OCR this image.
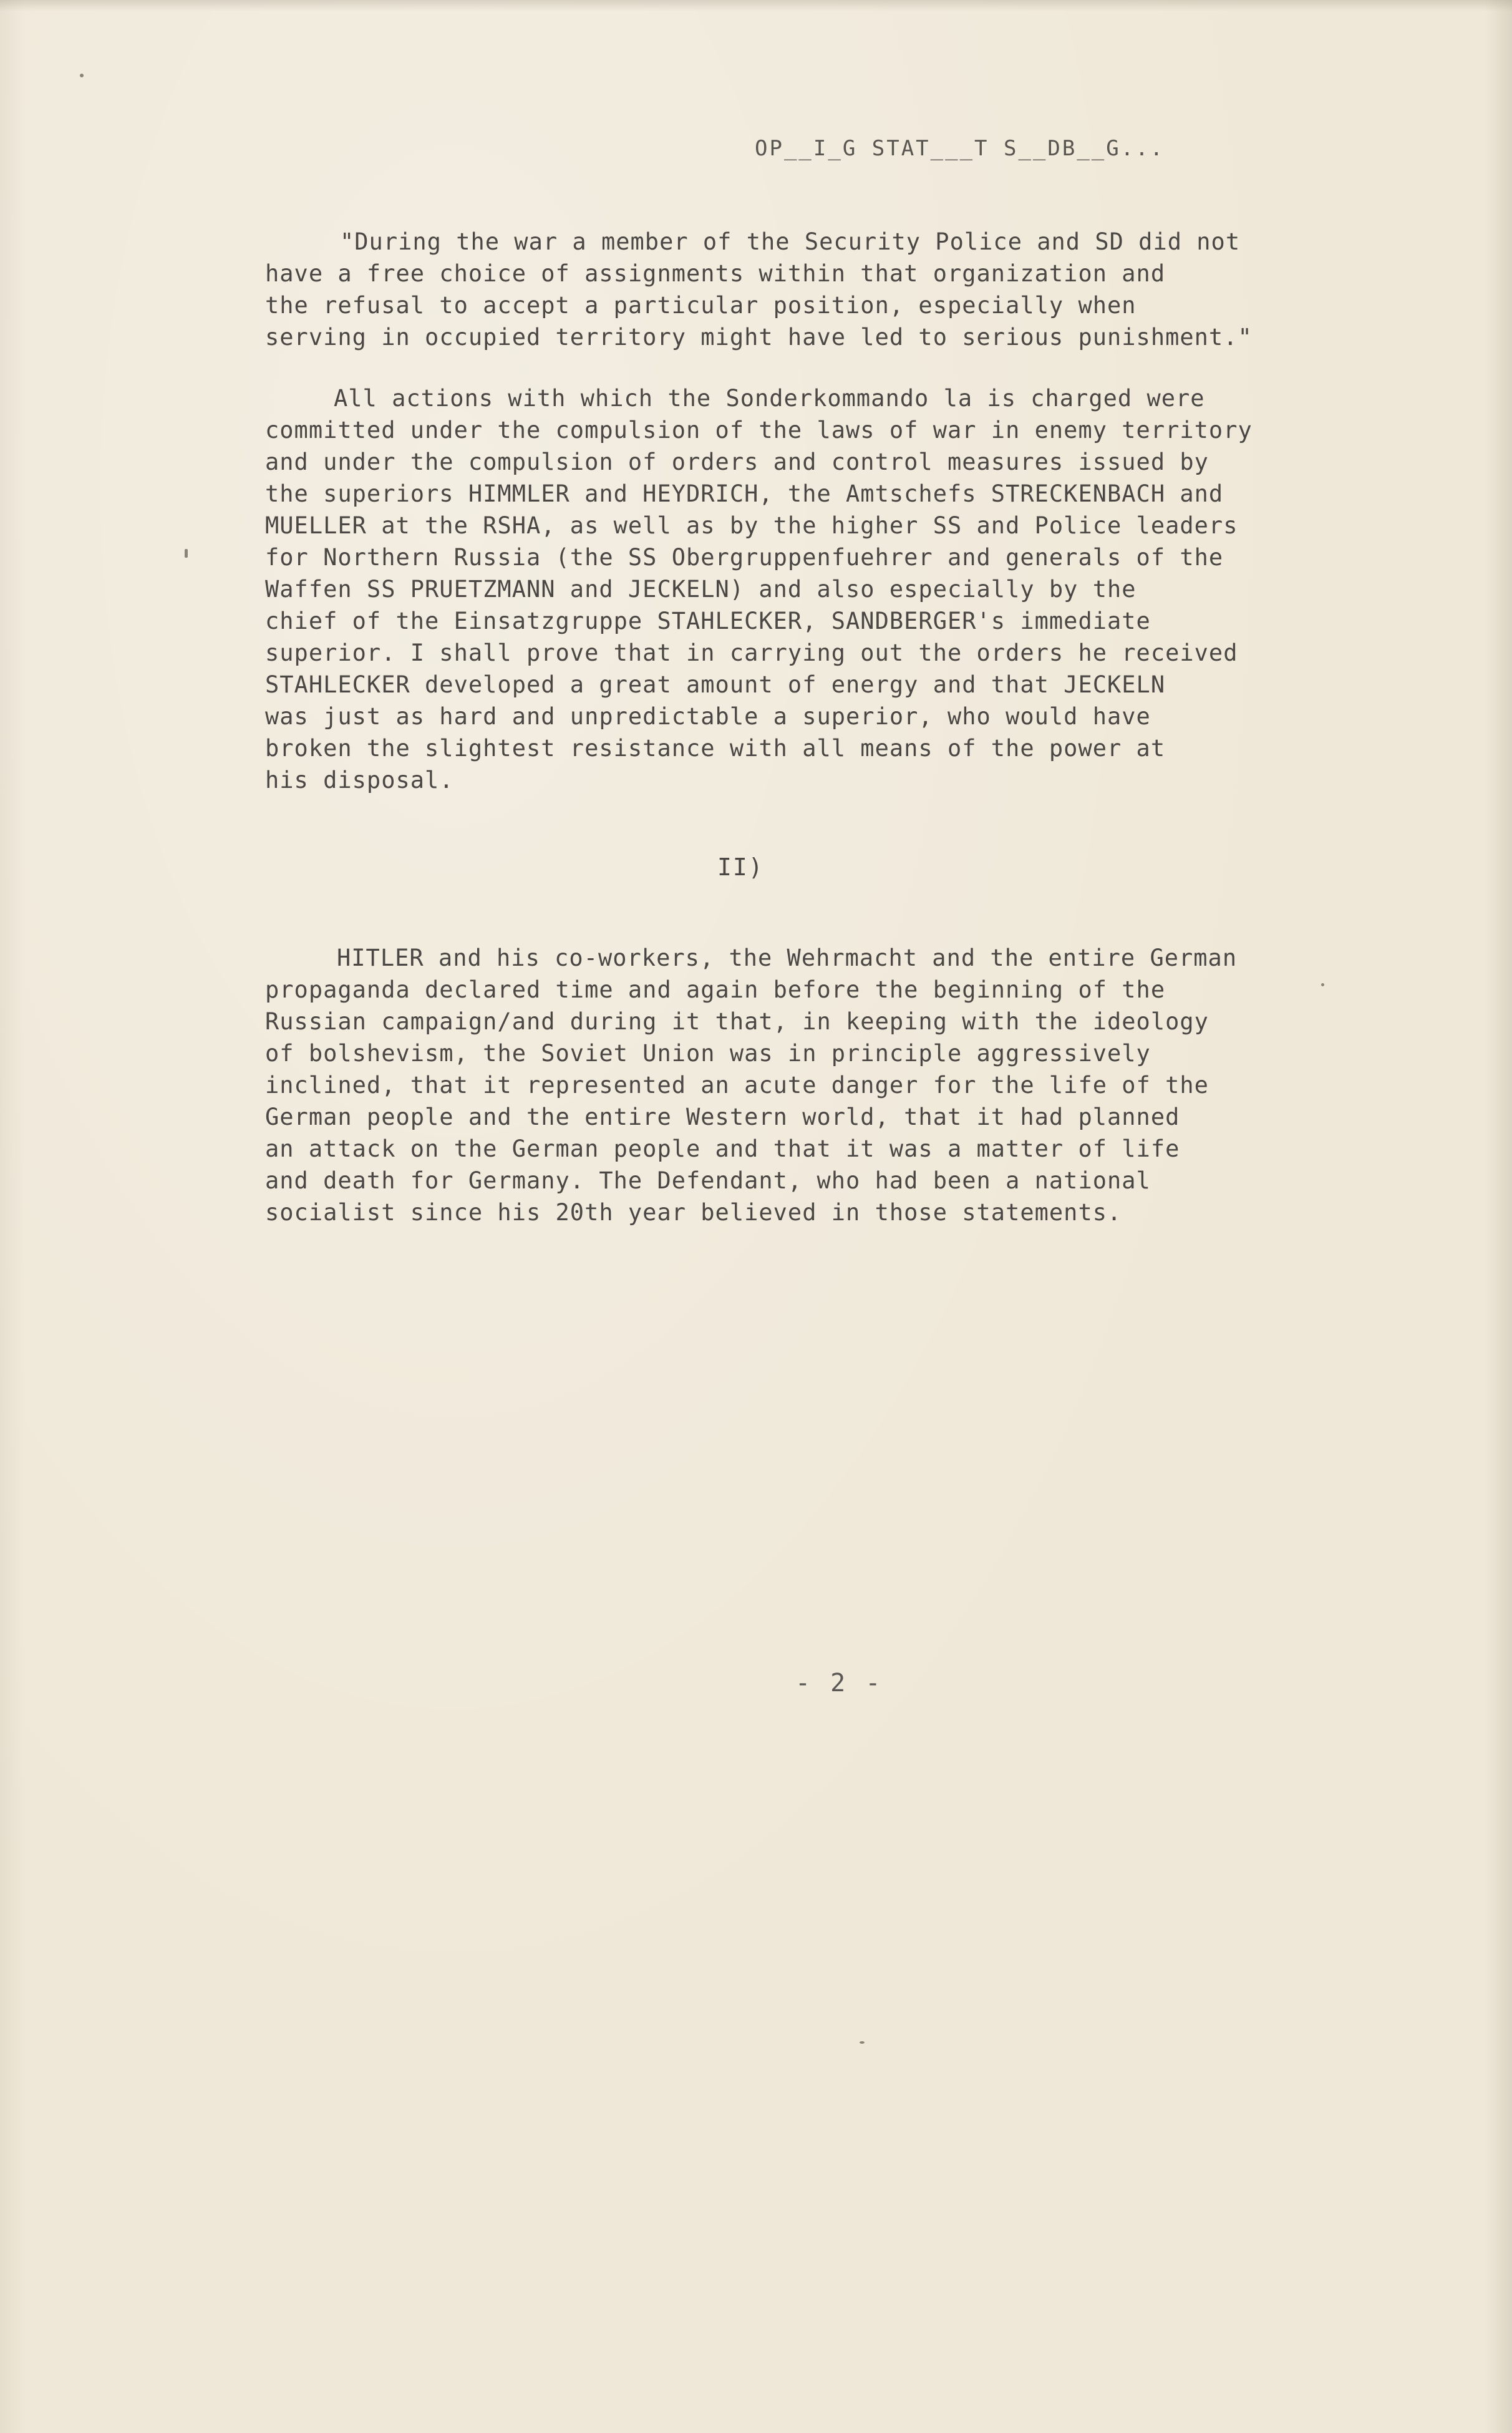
OP__I_G STAT___T S__DB__G...
"During the war a member of the Security Police and SD did not
have a free choice of assignments within that organization and
the refusal to accept a particular position, especially when
serving in occupied territory might have led to serious punishment."
All actions with which the Sonderkommando la is charged were
committed under the compulsion of the laws of war in enemy territory
and under the compulsion of orders and control measures issued by
the superiors HIMMLER and HEYDRICH, the Amtschefs STRECKENBACH and
MUELLER at the RSHA, as well as by the higher SS and Police leaders
for Northern Russia (the SS Obergruppenfuehrer and generals of the
Waffen SS PRUETZMANN and JECKELN) and also especially by the
chief of the Einsatzgruppe STAHLECKER, SANDBERGER's immediate
superior. I shall prove that in carrying out the orders he received
STAHLECKER developed a great amount of energy and that JECKELN
was just as hard and unpredictable a superior, who would have
broken the slightest resistance with all means of the power at
his disposal.
II)
HITLER and his co-workers, the Wehrmacht and the entire German
propaganda declared time and again before the beginning of the
Russian campaign/and during it that, in keeping with the ideology
of bolshevism, the Soviet Union was in principle aggressively
inclined, that it represented an acute danger for the life of the
German people and the entire Western world, that it had planned
an attack on the German people and that it was a matter of life
and death for Germany. The Defendant, who had been a national
socialist since his 20th year believed in those statements.
- 2 -
